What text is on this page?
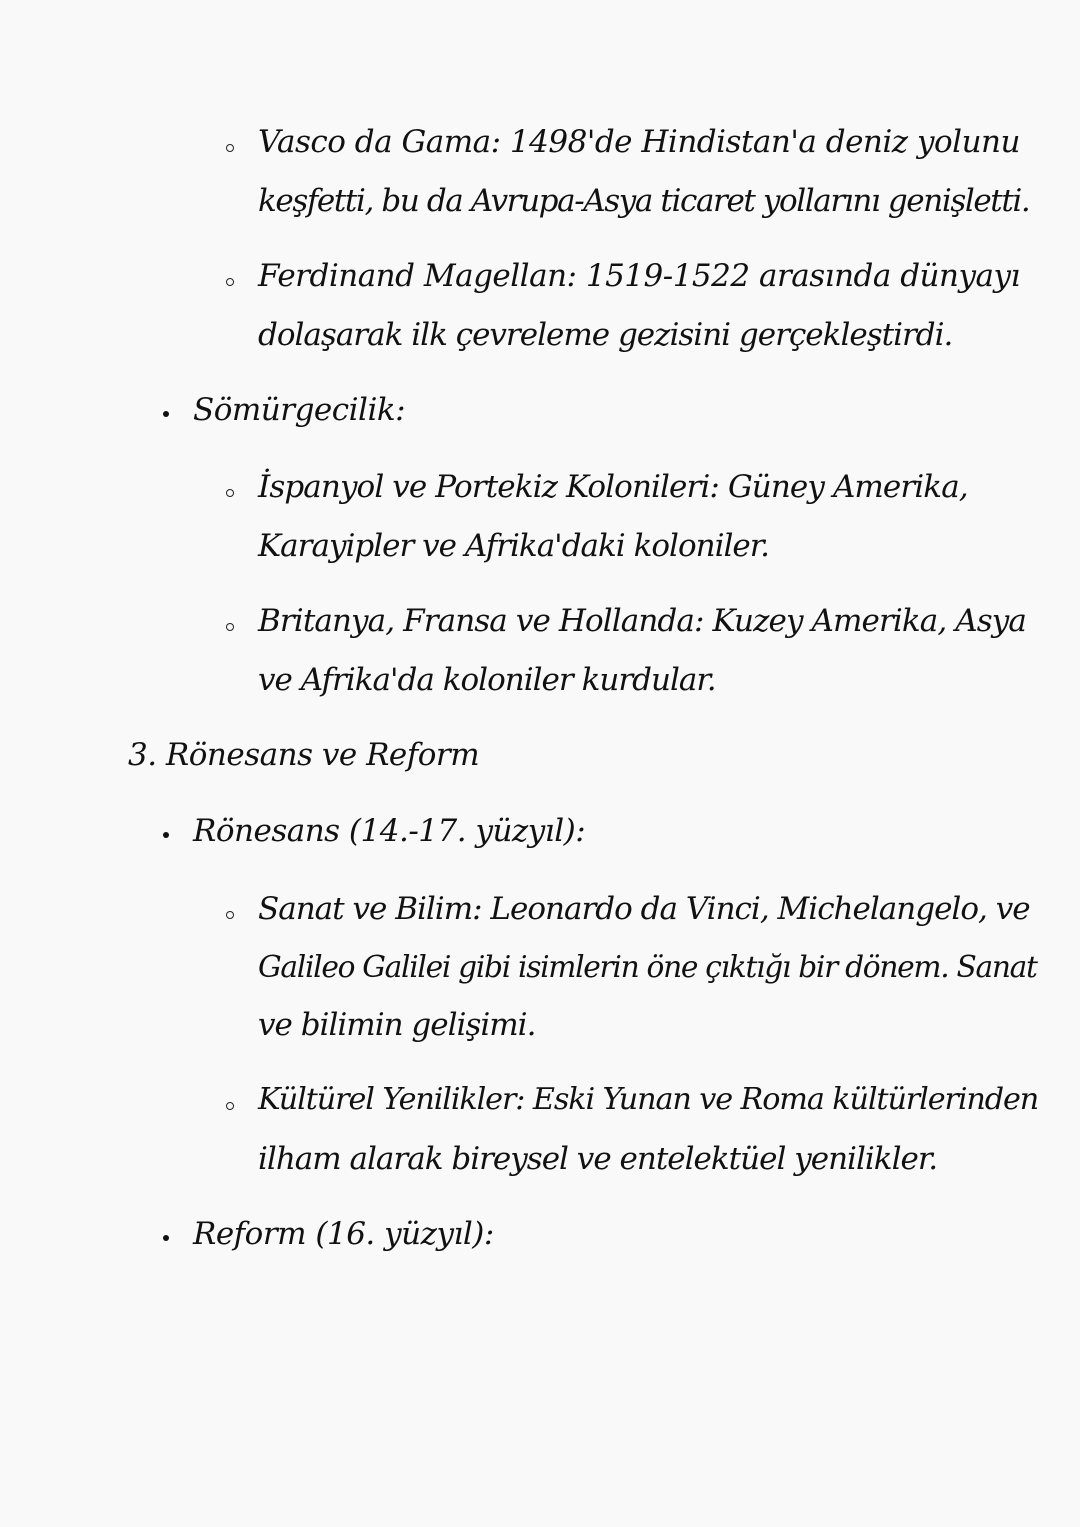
Vasco da Gama: 1498'de Hindistan'a deniz yolunu
keşfetti, bu da Avrupa-Asya ticaret yollarını genişletti.
Ferdinand Magellan: 1519-1522 arasında dünyayı
dolaşarak ilk çevreleme gezisini gerçekleştirdi.
Sömürgecilik:
İspanyol ve Portekiz Kolonileri: Güney Amerika,
Karayipler ve Afrika'daki koloniler.
Britanya, Fransa ve Hollanda: Kuzey Amerika, Asya
ve Afrika'da koloniler kurdular.
3. Rönesans ve Reform
Rönesans (14.-17. yüzyıl):
Sanat ve Bilim: Leonardo da Vinci, Michelangelo, ve
Galileo Galilei gibi isimlerin öne çıktığı bir dönem. Sanat
ve bilimin gelişimi.
Kültürel Yenilikler: Eski Yunan ve Roma kültürlerinden
ilham alarak bireysel ve entelektüel yenilikler.
Reform (16. yüzyıl):
